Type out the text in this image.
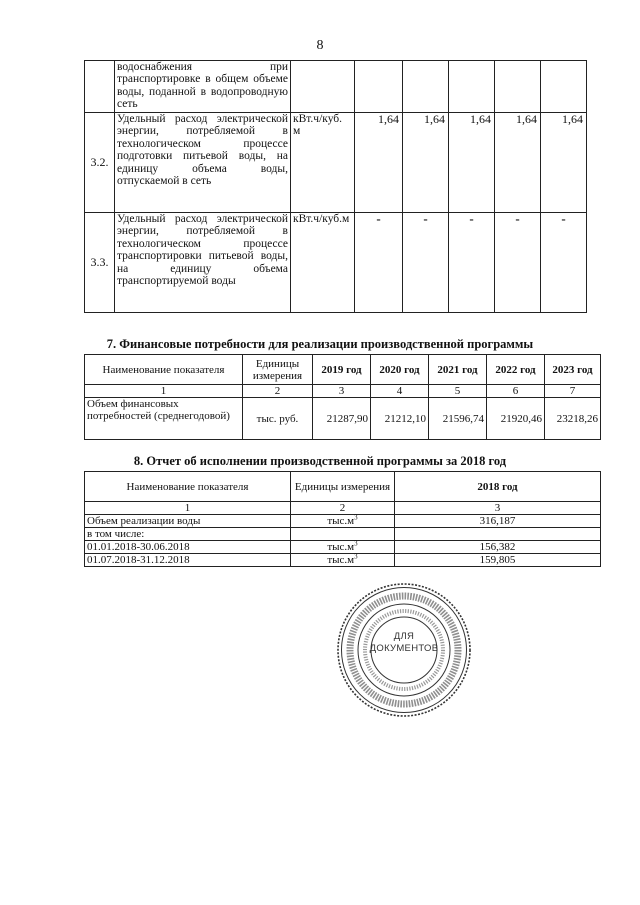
8
	водоснабжения при транспортировке в общем объеме воды, поданной в водопроводную сеть						
3.2.	Удельный расход электрической энергии, потребляемой в технологическом процессе подготовки питьевой воды, на единицу объема воды, отпускаемой в сеть	кВт.ч/куб. м	1,64	1,64	1,64	1,64	1,64
3.3.	Удельный расход электрической энергии, потребляемой в технологическом процессе транспортировки питьевой воды, на единицу объема транспортируемой воды	кВт.ч/куб.м	-	-	-	-	-
7. Финансовые потребности для реализации производственной программы
Наименование показателя	Единицы измерения	2019 год	2020 год	2021 год	2022 год	2023 год
1	2	3	4	5	6	7
Объем финансовых потребностей (среднегодовой)	тыс. руб.	21287,90	21212,10	21596,74	21920,46	23218,26
8. Отчет об исполнении производственной программы за 2018 год
Наименование показателя	Единицы измерения	2018 год
1	2	3
Объем реализации воды	$тыс.м^3$	316,187
в том числе:		
01.01.2018-30.06.2018	$тыс.м^3$	156,382
01.07.2018-31.12.2018	$тыс.м^3$	159,805
ДЛЯ
ДОКУМЕНТОВ
